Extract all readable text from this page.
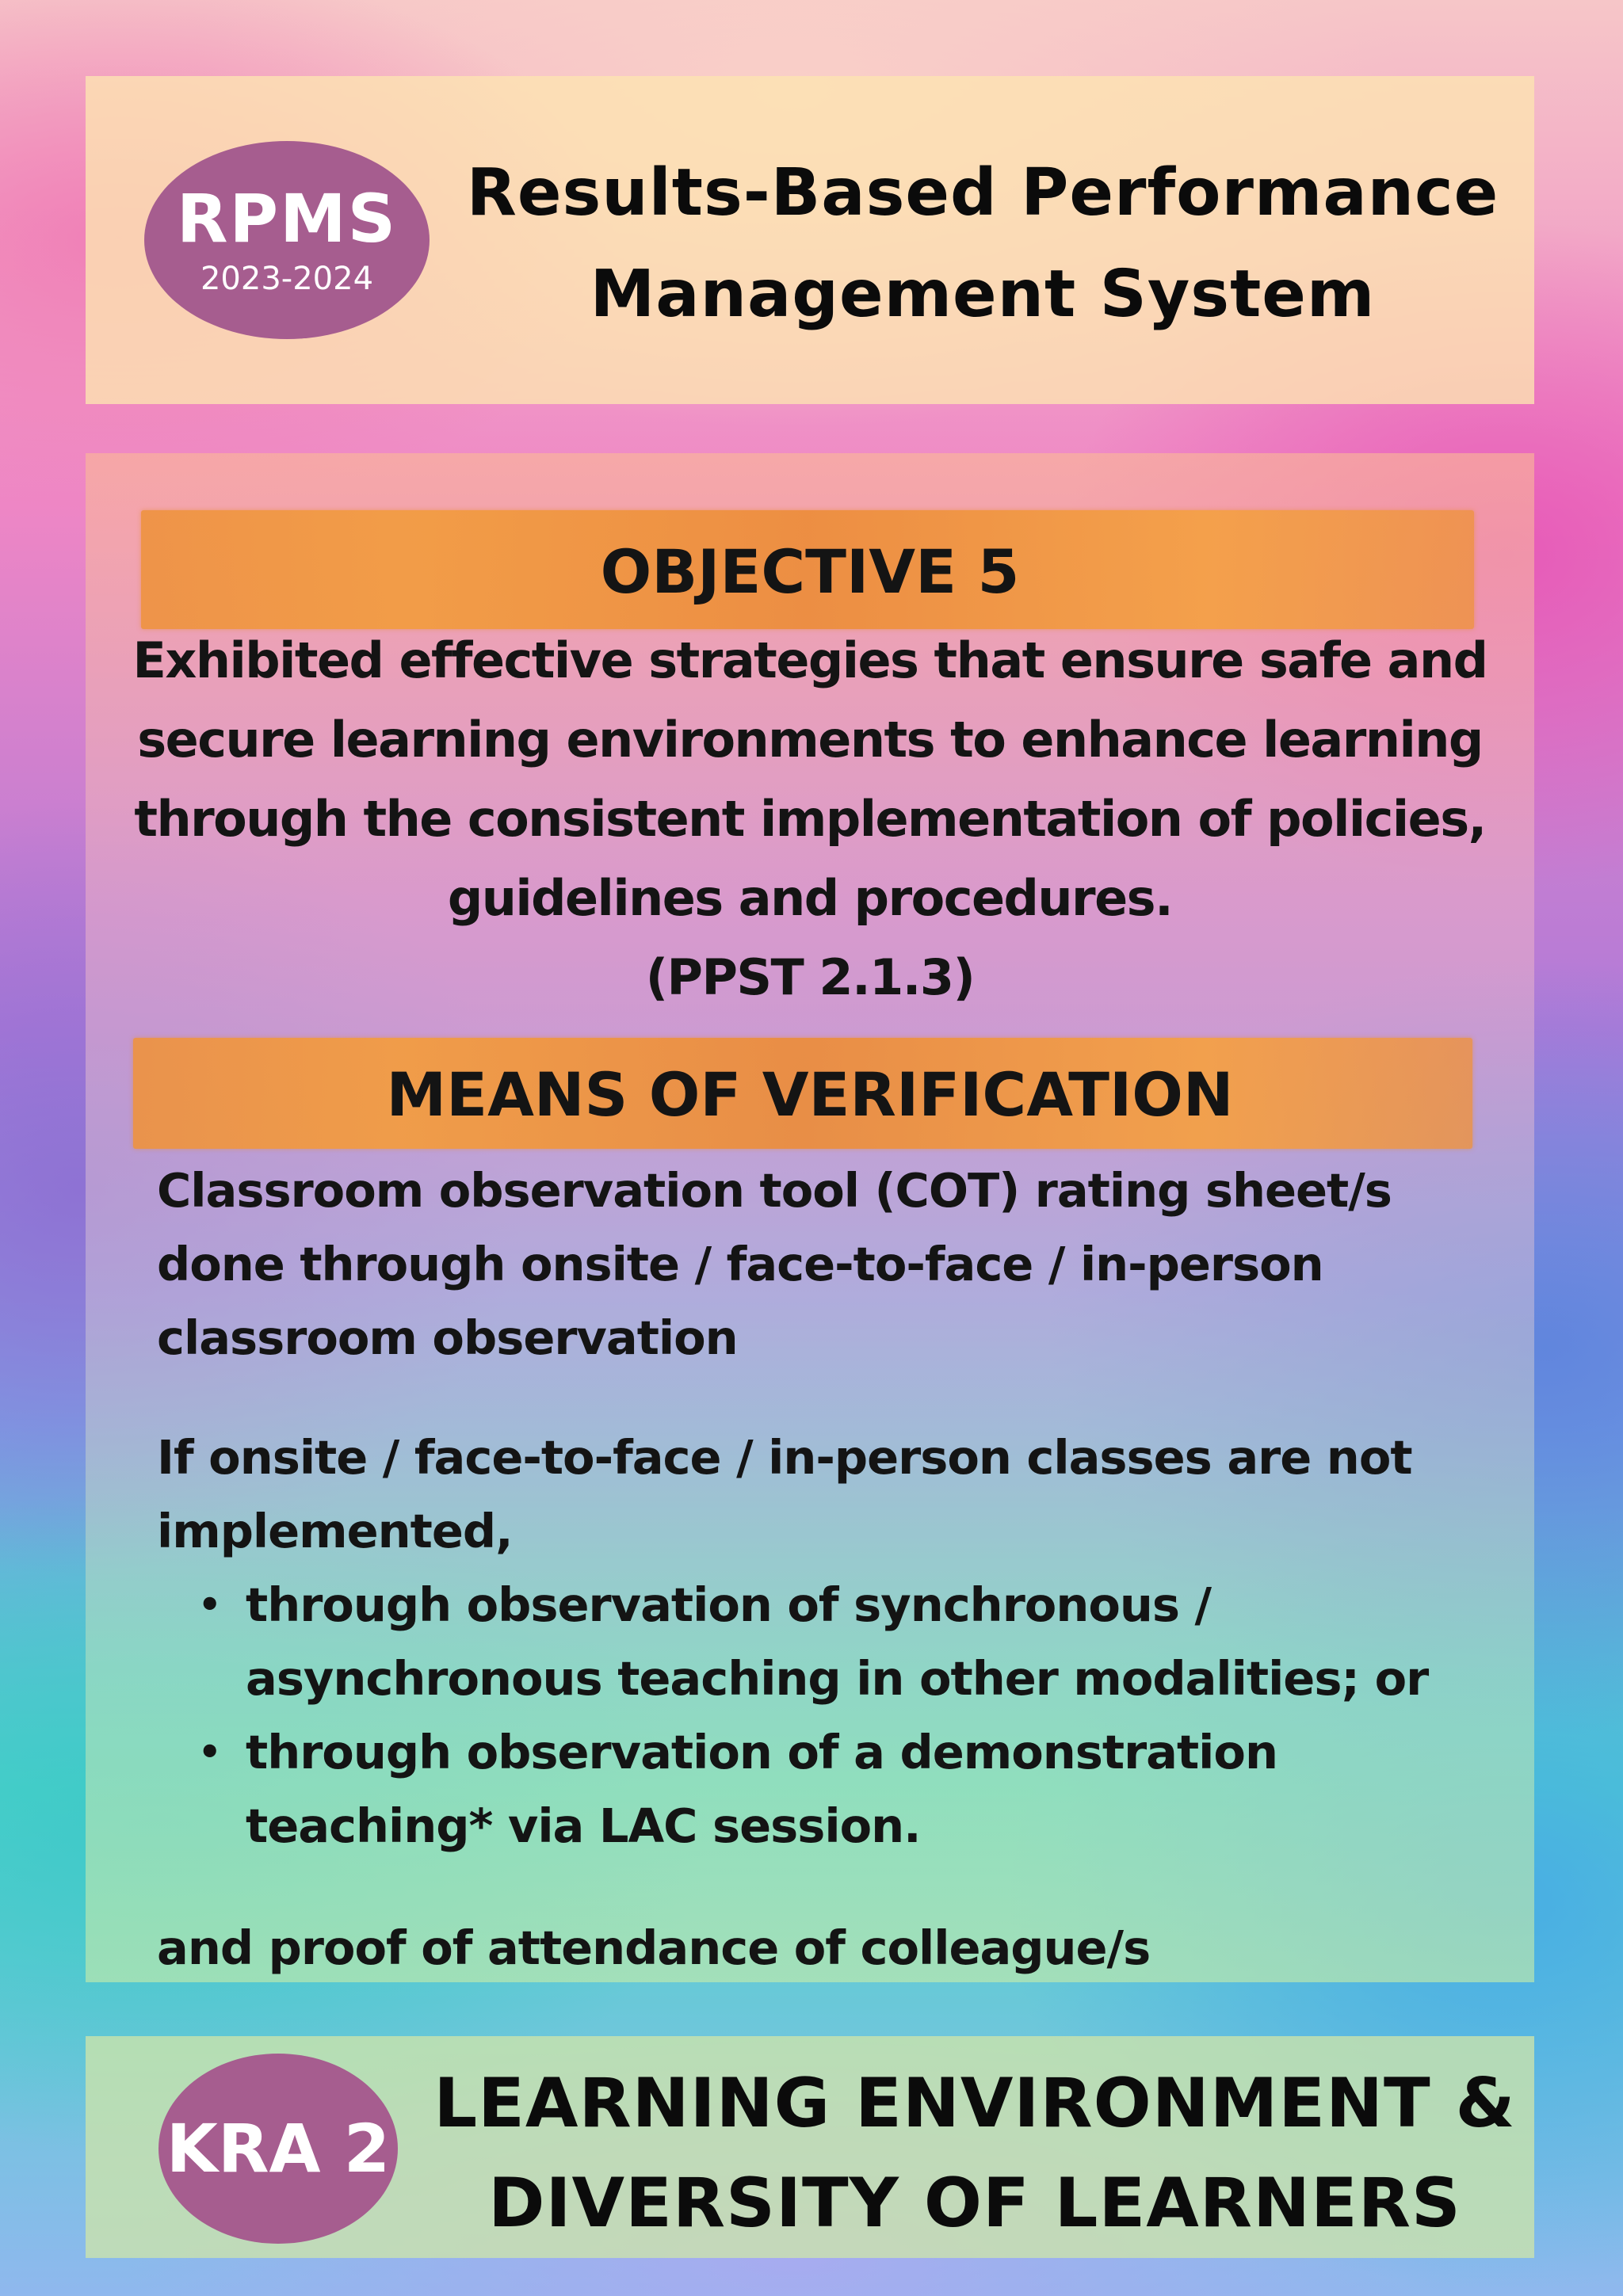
RPMS
2023-2024
Results-Based Performance
Management System
OBJECTIVE 5
Exhibited effective strategies that ensure safe and secure learning environments to enhance learning through the consistent implementation of policies, guidelines and procedures.
(PPST 2.1.3)
MEANS OF VERIFICATION
Classroom observation tool (COT) rating sheet/s done through onsite / face-to-face / in-person classroom observation
If onsite / face-to-face / in-person classes are not implemented,
• through observation of synchronous / asynchronous teaching in other modalities; or
• through observation of a demonstration teaching* via LAC session.
and proof of attendance of colleague/s
KRA 2
LEARNING ENVIRONMENT &
DIVERSITY OF LEARNERS
